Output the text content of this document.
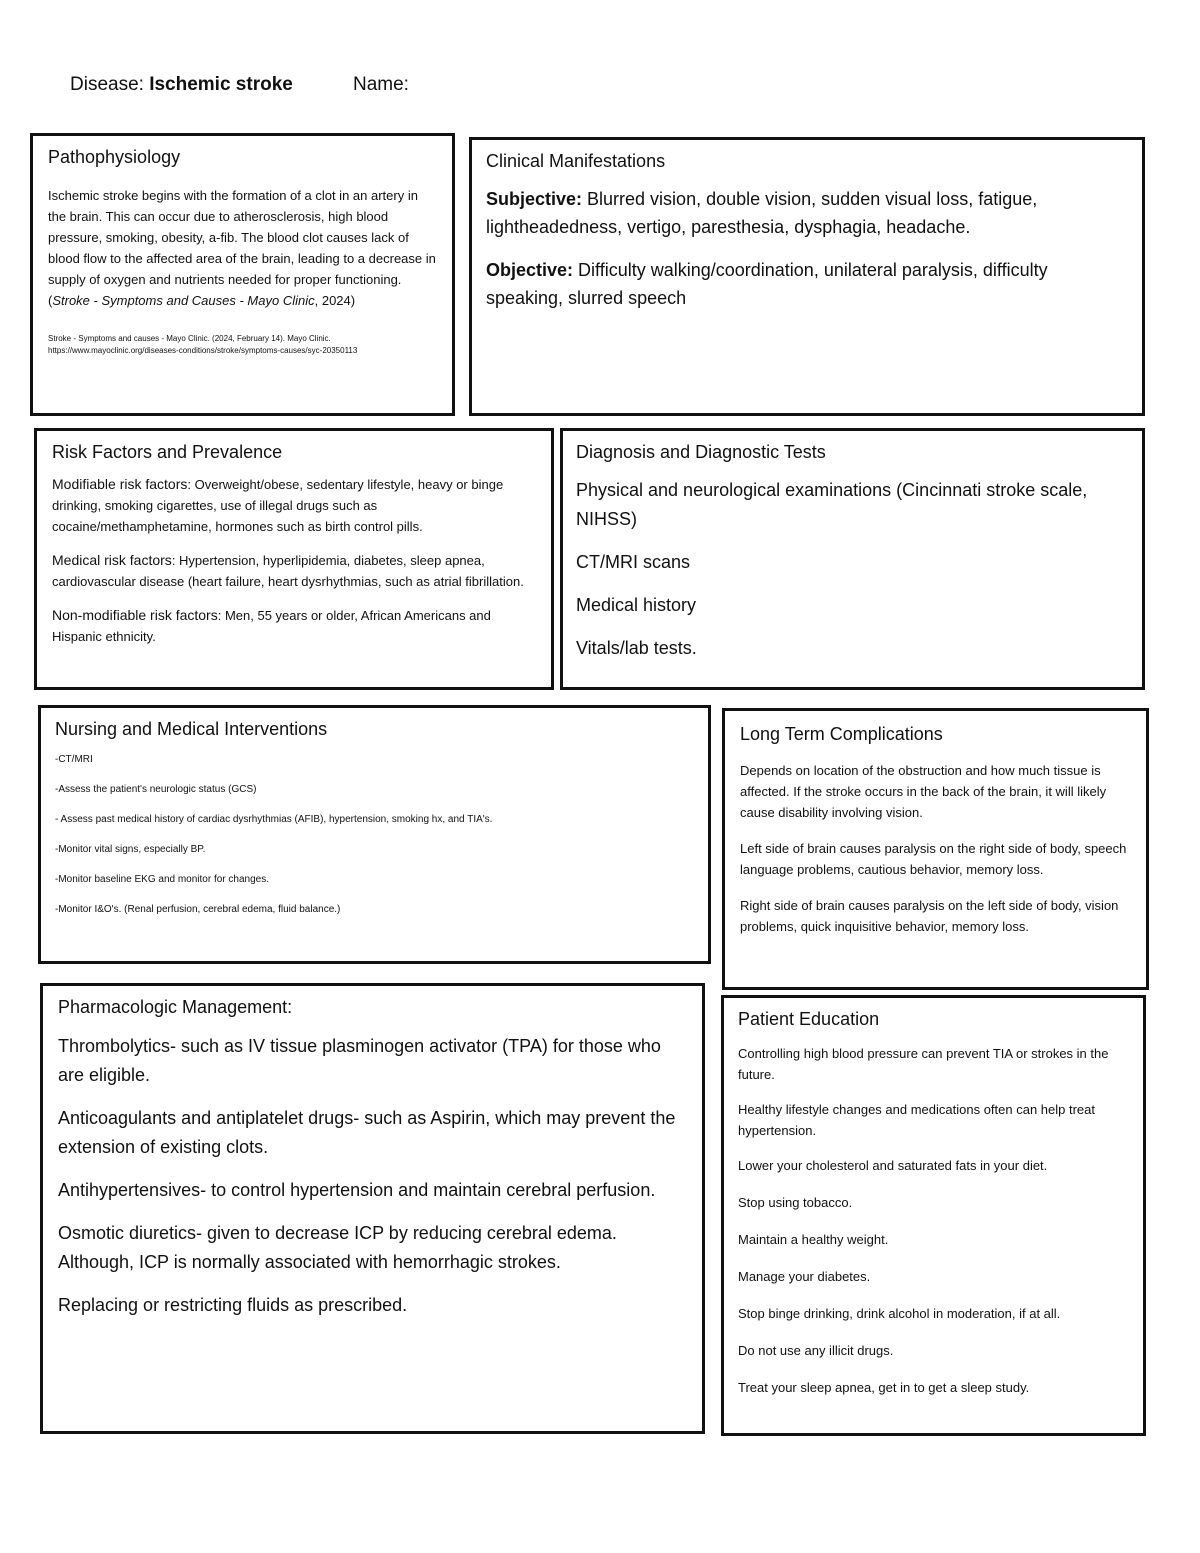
Disease: Ischemic stroke	Name:
Pathophysiology

Ischemic stroke begins with the formation of a clot in an artery in the brain. This can occur due to atherosclerosis, high blood pressure, smoking, obesity, a-fib. The blood clot causes lack of blood flow to the affected area of the brain, leading to a decrease in supply of oxygen and nutrients needed for proper functioning. (Stroke - Symptoms and Causes - Mayo Clinic, 2024)

Stroke - Symptoms and causes - Mayo Clinic. (2024, February 14). Mayo Clinic. https://www.mayoclinic.org/diseases-conditions/stroke/symptoms-causes/syc-20350113

Clinical Manifestations

Subjective: Blurred vision, double vision, sudden visual loss, fatigue, lightheadedness, vertigo, paresthesia, dysphagia, headache.

Objective: Difficulty walking/coordination, unilateral paralysis, difficulty speaking, slurred speech

Risk Factors and Prevalence

Modifiable risk factors: Overweight/obese, sedentary lifestyle, heavy or binge drinking, smoking cigarettes, use of illegal drugs such as cocaine/methamphetamine, hormones such as birth control pills.

Medical risk factors: Hypertension, hyperlipidemia, diabetes, sleep apnea, cardiovascular disease (heart failure, heart dysrhythmias, such as atrial fibrillation.

Non-modifiable risk factors: Men, 55 years or older, African Americans and Hispanic ethnicity.

Diagnosis and Diagnostic Tests

Physical and neurological examinations (Cincinnati stroke scale, NIHSS)

CT/MRI scans

Medical history

Vitals/lab tests.

Nursing and Medical Interventions

-CT/MRI

-Assess the patient's neurologic status (GCS)

- Assess past medical history of cardiac dysrhythmias (AFIB), hypertension, smoking hx, and TIA's.

-Monitor vital signs, especially BP.

-Monitor baseline EKG and monitor for changes.

-Monitor I&O's. (Renal perfusion, cerebral edema, fluid balance.)

Long Term Complications

Depends on location of the obstruction and how much tissue is affected. If the stroke occurs in the back of the brain, it will likely cause disability involving vision.

Left side of brain causes paralysis on the right side of body, speech language problems, cautious behavior, memory loss.

Right side of brain causes paralysis on the left side of body, vision problems, quick inquisitive behavior, memory loss.

Pharmacologic Management:

Thrombolytics- such as IV tissue plasminogen activator (TPA) for those who are eligible.

Anticoagulants and antiplatelet drugs- such as Aspirin, which may prevent the extension of existing clots.

Antihypertensives- to control hypertension and maintain cerebral perfusion.

Osmotic diuretics- given to decrease ICP by reducing cerebral edema. Although, ICP is normally associated with hemorrhagic strokes.

Replacing or restricting fluids as prescribed.

Patient Education

Controlling high blood pressure can prevent TIA or strokes in the future.

Healthy lifestyle changes and medications often can help treat hypertension.

Lower your cholesterol and saturated fats in your diet.

Stop using tobacco.

Maintain a healthy weight.

Manage your diabetes.

Stop binge drinking, drink alcohol in moderation, if at all.

Do not use any illicit drugs.

Treat your sleep apnea, get in to get a sleep study.
